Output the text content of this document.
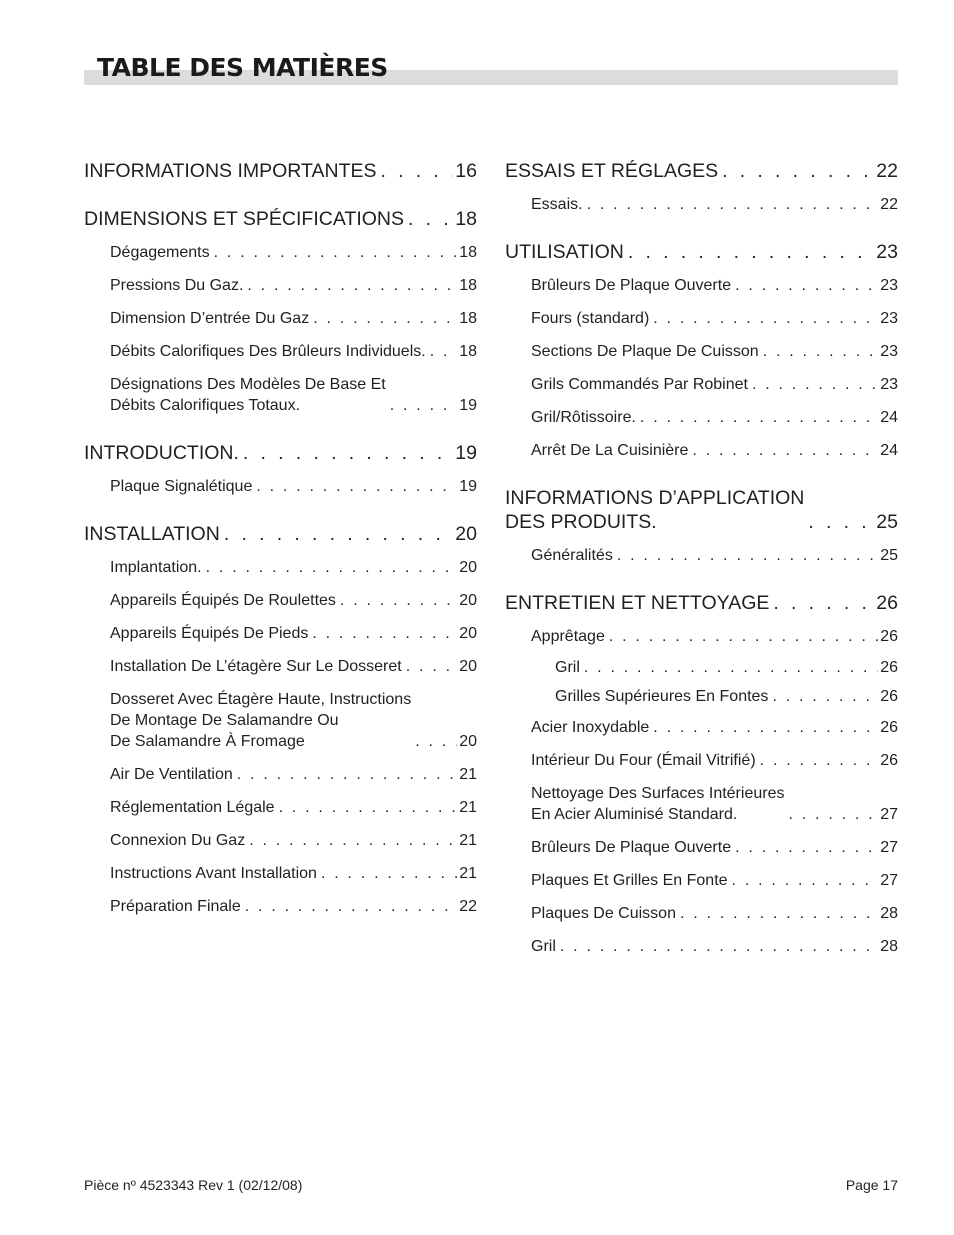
TABLE DES MATIÈRES
INFORMATIONS IMPORTANTES . . .	16
DIMENSIONS ET SPÉCIFICATIONS . . .	18
Dégagements . . .	18
Pressions Du Gaz. . . .	18
Dimension D’entrée Du Gaz . . .	18
Débits Calorifiques Des Brûleurs Individuels. . . . 18
Désignations Des Modèles De Base Et
Débits Calorifiques Totaux. . . .	19
INTRODUCTION. . . .	19
Plaque Signalétique . . .	19
INSTALLATION . . .	20
Implantation. . . .	20
Appareils Équipés De Roulettes . . .	20
Appareils Équipés De Pieds . . .	20
Installation De L’étagère Sur Le Dosseret . . .	20
Dosseret Avec Étagère Haute, Instructions
De Montage De Salamandre Ou
De Salamandre À Fromage . . .	20
Air De Ventilation . . .	21
Réglementation Légale . . .	21
Connexion Du Gaz . . .	21
Instructions Avant Installation . . .	21
Préparation Finale . . .	22
ESSAIS ET RÉGLAGES . . .	22
Essais. . . .	22
UTILISATION . . .	23
Brûleurs De Plaque Ouverte . . .	23
Fours (standard) . . .	23
Sections De Plaque De Cuisson . . .	23
Grils Commandés Par Robinet . . .	23
Gril/Rôtissoire. . . .	24
Arrêt De La Cuisinière . . .	24
INFORMATIONS D’APPLICATION
DES PRODUITS. . . .	25
Généralités . . .	25
ENTRETIEN ET NETTOYAGE . . .	26
Apprêtage . . .	26
Gril . . .	26
Grilles Supérieures En Fontes . . .	26
Acier Inoxydable . . .	26
Intérieur Du Four (Émail Vitrifié) . . .	26
Nettoyage Des Surfaces Intérieures
En Acier Aluminisé Standard. . . .	27
Brûleurs De Plaque Ouverte . . .	27
Plaques Et Grilles En Fonte . . .	27
Plaques De Cuisson . . .	28
Gril . . .	28
Pièce nº 4523343 Rev 1 (02/12/08)	Page 17
